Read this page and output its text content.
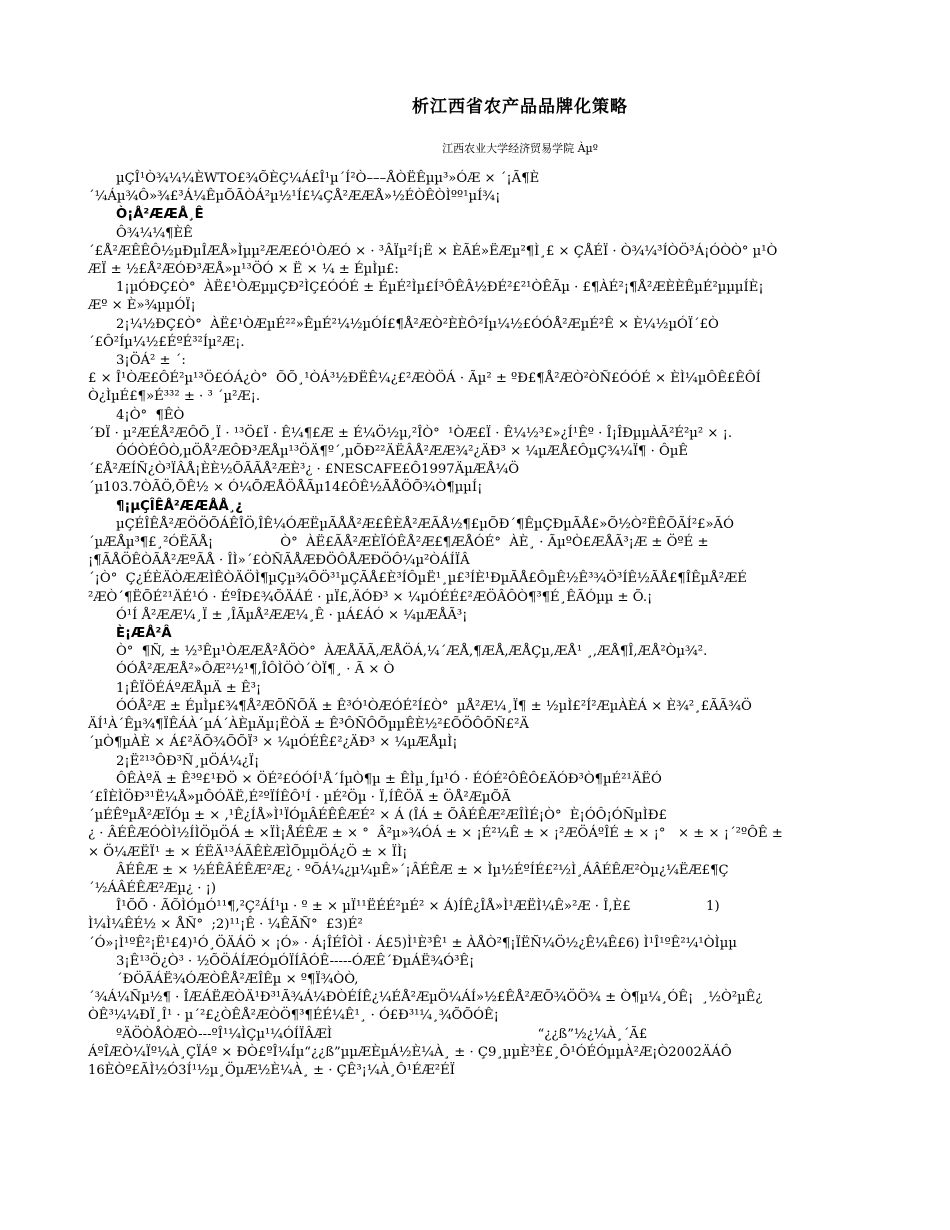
析江西省农产品品牌化策略
江西农业大学经济贸易学院 Àµº

µÇÎ¹Ò¾¼¼ÈWTO£¾ÕÈÇ¼Á£Î¹µ´Í²Ò–––ÅÒËÊµµ³»ÓÆ × ´¡Ã¶È

´¼Áµ¾Ô»¾£³Á¼ÊµÕÃÒÁ²µ½¹Í£¼ÇÅ²ÆÆÅ»½ÉÒÊÒÌºº¹µÍ¾¡

Ò¡Å²ÆÆÅ¸Ê

Ô¾¼¼¶ÈÊ

´£Å²ÆÊÊÔ½µÐµÎÆÅ»Ìµµ²ÆÆ£Ó¹ÒÆÓ × · ³ÂÏµ²Í¡Ë × ÈÃÉ»ËÆµ²¶Ì¸£ × ÇÅÉÏ · Ò¾¼³ÍÒÖ³Á¡ÓÒÒ° µ¹Ò

ÆÏ ± ½£Å²ÆÓÐ³ÆÅ»µ¹³ÖÓ × Ë × ¼ ± ÉµÌµ£:

1¡µÓÐÇ£Ò°  ÀË£¹ÒÆµµÇÐ²ÌÇ£ÓÓÉ ± ÉµÉ²Ìµ£Í³ÔÊÂ½ÐÉ²£²¹ÒÊÃµ · £¶ÀÉ²¡¶Å²ÆÈÈÊµÉ²µµµÍÈ¡

Æº × È»¾µµÓÏ¡

2¡¼½ÐÇ£Ò°  ÀË£¹ÒÆµÉ²²»ÊµÉ²¼½µÓÍ£¶Å²ÆÒ²ÈÈÔ²Íµ¼½£ÓÓÅ²ÆµÉ²Ê × È¼½µÓÏ´£Ò

´£Ô²Íµ¼½£ÉºÉ³²Íµ²Æ¡.

3¡ÖÁ² ± ´:

£ × Î¹ÒÆ£ÔÉ²µ¹³Ö£ÓÁ¿Ò°  ÕÕ¸¹ÒÁ³½ÐËÊ¼¿£²ÆÒÖÁ · Ãµ² ± ºÐ£¶Å²ÆÒ²ÒÑ£ÓÓÉ × ÈÌ¼µÔÊ£ÊÔÍ

Ò¿ÌµÉ£¶»É³³² ± · ³ ´µ²Æ¡.

4¡Ò°  ¶ÊÒ

´ÐÏ · µ²ÆÉÅ²ÆÔÕ¸Ï · ¹³Ö£Ï · Ê¼¶£Æ ± É¼Ö½µ,²ÎÒ°  ¹ÒÆ£Ï · Ê¼½³£»¿Í¹Êº · Î¡ÎÐµµÀÃ²É²µ² × ¡.

ÓÓÒÉÔÒ,µÖÅ²ÆÔÐ³ÆÅµ¹³ÖÄ¶º´,µÕÐ²²ÄËÂÅ²ÆÆ¾²¿ÄÐ³ × ¼µÆÅ£ÔµÇ¾¼Ï¶ · ÔµÊ

´£Å²ÆÍÑ¿Ò³ÏÂÅ¡ÈÈ½ÕÃÃÅ²ÆÈ³¿ · £NESCAFE£Ô1997ÄµÆÅ¼Ö

´µ103.7ÒÃÖ,ÕÊ½ × Ó¼ÕÆÅÖÅÃµ14£ÔÊ½ÃÅÖÕ¾Ò¶µµÍ¡

¶¡µÇÎÊÅ²ÆÆÅÅ¸¿

µÇÉÎÊÅ²ÆÖÖÕÁÊÎÖ,ÎÊ¼ÓÆËµÃÅÅ²Æ£ÊÈÅ²ÆÃÅ½¶£µÕÐ´¶ÊµÇÐµÃÅ£»Õ½Ò²ËÊÕÃÍ²£»ÃÓ

´µÆÅµ³¶£¸²ÓËÃÅ¡                Ò°  ÀË£ÃÅ²ÆÈÏÓÊÅ²Æ£¶ÆÅÓÉ°  ÀÈ¸ · ÃµºÒ£ÆÅÃ³¡Æ ± ÖºÉ ±

¡¶ÃÅÖÊÒÃÅ²ÆºÃÅ · ÎÌ»´£ÒÑÃÅÆÐÖÔÅÆÐÖÔ¼µ²ÒÁÍÏÂ

´¡Ò°  Ç¿ÉÈÄÒÆÆÌÊÒÄÖÌ¶µÇµ¾ÕÖ³¹µÇÃÅ£È³ÍÔµË¹¸µ£³ÍÈ¹ÐµÃÅ£ÔµÊ½Ê³¾Ö³ÍÊ½ÃÅ£¶ÎÊµÅ²ÆÉ

²ÆÒ´¶ËÕÉ²¹ÄÉ¹Ó · ÉºÎÐ£¾ÕÄÁÉ · µÏ£,ÄÓÐ³ × ¼µÓÉÉ£²ÆÖÂÔÒ¶³¶É¸ÊÃÓµµ ± Õ.¡

Ó¹Í Å²ÆÆ¼¸Ï ± ,ÎÃµÅ²ÆÆ¼¸Ê · µÁ£ÁÓ × ¼µÆÅÃ³¡

È¡ÆÅ²Â

Ò°  ¶Ñ, ± ½³Êµ¹ÒÆÆÅ²ÅÖÒ°  ÀÆÅÃÃ,ÆÅÖÁ,¼´ÆÅ,¶ÆÅ,ÆÅÇµ,ÆÅ¹ ¸,ÆÅ¶Î,ÆÅ²Òµ¾².

ÓÓÅ²ÆÆÅ²»ÔÆ²½¹¶,ÎÔÌÖÒ´ÒÏ¶¸ · Ã × Ò

1¡ÊÏÖÉÁºÆÅµÄ ± Ê³¡

ÓÓÅ²Æ ± ÉµÌµ£¾¶Å²ÆÕÑÕÄ ± Ê³Ó¹ÒÆÓÉ²Í£Ò°  µÅ²Æ¼¸Ï¶ ± ½µÌ£²Í²ÆµÀÈÁ × È¾²¸£ÃÃ¾Ö

ÄÍ¹À´Êµ¾¶ÏÊÁÀ´µÁ´ÀÈµÄµ¡ËÒÄ ± Ê³ÔÑÔÕµµÊÈ½²£ÕÖÔÕÑ£²Ä

´µÒ¶µÀÈ × Á£²ÄÕ¾ÕÕÏ³ × ¼µÓÉÊ£²¿ÄÐ³ × ¼µÆÅµÌ¡

2¡Ë²¹³ÔÐ³Ñ¸µÖÁ¼¿Ï¡

ÔÊÀºÄ ± Ê³º£¹ÐÖ × ÖÉ²£ÓÓÍ¹Å´ÍµÒ¶µ ± ÊÌµ¸Íµ¹Ó · ÉÓÉ²ÔÊÔ£ÄÓÐ³Ò¶µÉ²¹ÄËÓ

´£ÎÈÌÖÐ³¹Ë¼Å»µÔÓÄË,É²ºÏÍÊÔ¹Í · µÉ²Öµ · Ï,ÍÊÖÄ ± ÖÅ²ÆµÕÃ

´µÉÊºµÅ²ÆÏÓµ ± × ,¹Ê¿ÍÅ»Ì¹ÏÓµÂÉÊÊÆÉ² × Á (ÎÁ ± ÕÂÉÊÆ²ÆÎÌÉ¡Ò°  È¡ÓÔ¡ÓÑµÌÐ£

¿ · ÂÉÊÆÓÒÌ½ÍÌÖµÖÁ ± ×ÏÌ¡ÅÉÊÆ ± × °  Â²µ»¾ÓÁ ± × ¡É²¼Ê ± × ¡²ÆÖÁºÎÉ ± × ¡°   × ± × ¡´²ºÔÊ ±

× Ö¼ÆËÏ¹ ± × ÉËÄ¹³ÁÃÊÈÆÌÕµµÖÁ¿Ö ± × ÏÌ¡

ÂÉÊÆ ± × ½ÉÊÂÉÊÆ²Æ¿ · ºÕÁ¼¿µ¼µÊ»´¡ÂÉÊÆ ± × Ìµ½ÉºÍÉ£²½Ì¸ÁÂÉÊÆ²Òµ¿¼ËÆ£¶Ç

´½ÁÂÉÊÆ²Æµ¿ · ¡)

Î¹ÕÕ · ÃÕÌÓµÓ¹¹¶,²Ç²ÁÍ¹µ · º ± × µÏ¹¹ËÉÉ²µÉ² × Á)ÍÊ¿ÎÅ»Ì¹ÆËÌ¼Ê»²Æ · Î,È£                  1)

Ì¼Ì¼ÊÉ½ × ÅÑ°  ;2)¹¹¡Ê · ¼ÊÃÑ°  £3)É²

´Ó»¡Ì¹ºÊ²¡Ë¹£4)¹Ó¸ÖÄÁÖ × ¡Ó» · Á¡ÎÉÎÒÌ · Á£5)Ì¹È³Ê¹ ± ÀÅÒ²¶¡ÏËÑ¼Ö½¿Ê¼Ê£6) Ì¹Î¹ºÊ²¼¹ÒÌµµ

3¡Ê¹³Ö¿Ò³ · ½ÕÖÁÍÆÓµÓÏÍÂÓÊ-----ÓÆÊ´ÐµÁË¾Ó³Ê¡

´ÐÖÃÁË¾ÓÆÒÊÅ²ÆÎÊµ × º¶Ï¾ÒÒ,

´¾Á¼Ñµ½¶ · ÎÆÁËÆÒÄ¹Ð³¹Ã¾Á¼ÐÒÉÍÊ¿¼ÉÅ²ÆµÖ¼ÁÍ»½£ÊÅ²ÆÕ¾ÖÖ¾ ± Ò¶µ¼¸ÓÊ¡  ¸½Ò²µÊ¿

ÒÊ³¼¼ÐÏ¸Î¹ · µ´²£¿ÒÊÅ²ÆÒÖ¶³¶ÉÉ¼Ê¹¸ · Ó£Ð³¹¼¸¾ÕÕÓÊ¡

ºÄÖÒÅÒÆÒ---ºÎ¹¼ÌÇµ¹¼ÓÍÏÂÆÌ                                                 “¿¿ß”½¿¼À¸´Ã£

ÁºÎÆÒ¼Ïº¼À¸ÇÏÁº × ÐÒ£ºÎ¼Íµ“¿¿ß”µµÆÈµÁ½È¼À¸ ± · Ç9¸µµÈ³È£¸Ô¹ÓÉÓµµÀ²Æ¡Ò2002ÄÁÔ

16ÈÒº£ÃÌ½Ó3Í¹½µ¸ÖµÆ½È¼À¸ ± · ÇÊ³¡¼À¸Ô¹ÉÆ²ÉÏ
